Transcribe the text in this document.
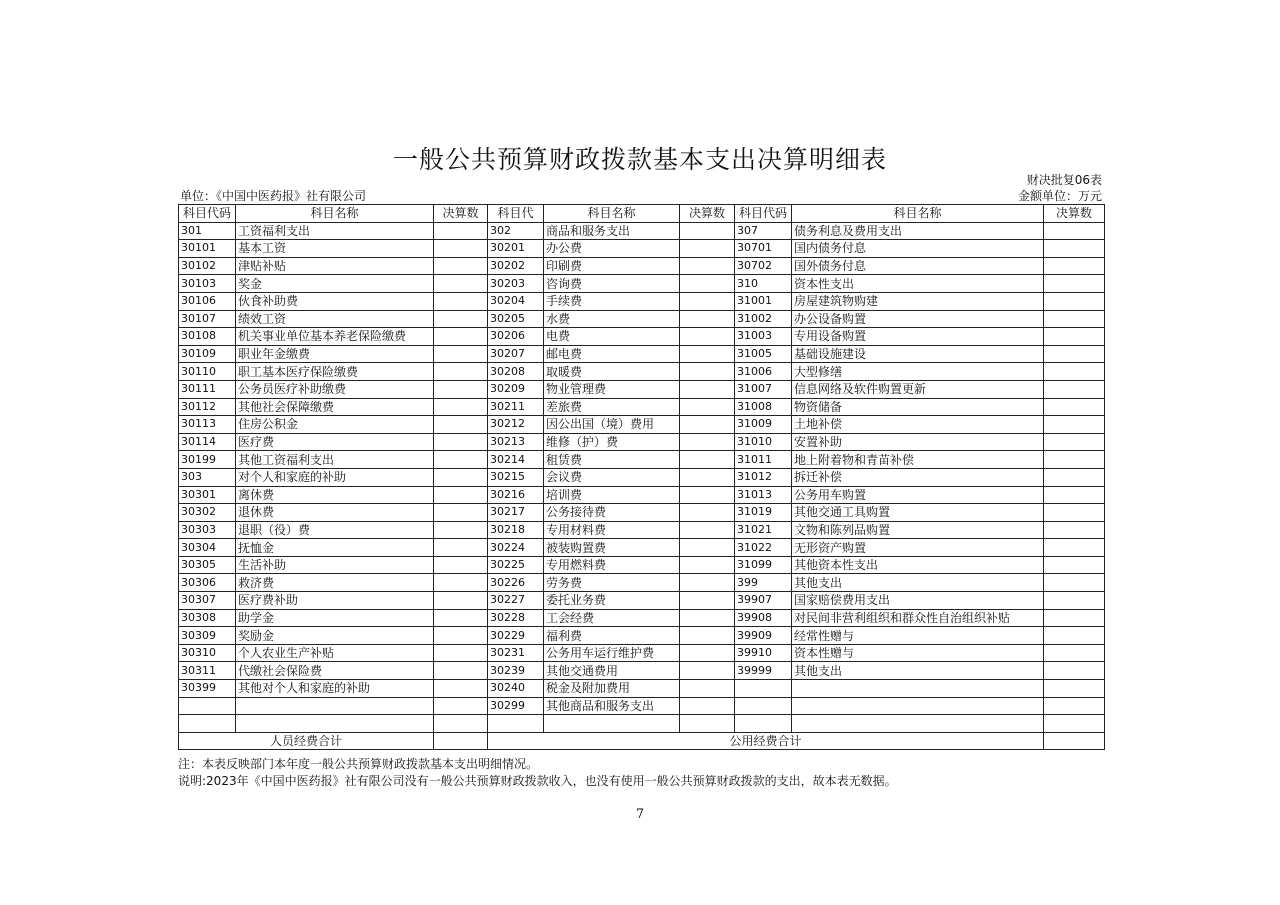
一般公共预算财政拨款基本支出决算明细表
财决批复06表
单位：《中国中医药报》社有限公司	金额单位：万元
科目代码	科目名称	决算数	科目代	科目名称	决算数	科目代码	科目名称	决算数
301	工资福利支出		302	商品和服务支出		307	债务利息及费用支出	
30101	基本工资		30201	办公费		30701	国内债务付息	
30102	津贴补贴		30202	印刷费		30702	国外债务付息	
30103	奖金		30203	咨询费		310	资本性支出	
30106	伙食补助费		30204	手续费		31001	房屋建筑物购建	
30107	绩效工资		30205	水费		31002	办公设备购置	
30108	机关事业单位基本养老保险缴费		30206	电费		31003	专用设备购置	
30109	职业年金缴费		30207	邮电费		31005	基础设施建设	
30110	职工基本医疗保险缴费		30208	取暖费		31006	大型修缮	
30111	公务员医疗补助缴费		30209	物业管理费		31007	信息网络及软件购置更新	
30112	其他社会保障缴费		30211	差旅费		31008	物资储备	
30113	住房公积金		30212	因公出国（境）费用		31009	土地补偿	
30114	医疗费		30213	维修（护）费		31010	安置补助	
30199	其他工资福利支出		30214	租赁费		31011	地上附着物和青苗补偿	
303	对个人和家庭的补助		30215	会议费		31012	拆迁补偿	
30301	离休费		30216	培训费		31013	公务用车购置	
30302	退休费		30217	公务接待费		31019	其他交通工具购置	
30303	退职（役）费		30218	专用材料费		31021	文物和陈列品购置	
30304	抚恤金		30224	被装购置费		31022	无形资产购置	
30305	生活补助		30225	专用燃料费		31099	其他资本性支出	
30306	救济费		30226	劳务费		399	其他支出	
30307	医疗费补助		30227	委托业务费		39907	国家赔偿费用支出	
30308	助学金		30228	工会经费		39908	对民间非营利组织和群众性自治组织补贴	
30309	奖励金		30229	福利费		39909	经常性赠与	
30310	个人农业生产补贴		30231	公务用车运行维护费		39910	资本性赠与	
30311	代缴社会保险费		30239	其他交通费用		39999	其他支出	
30399	其他对个人和家庭的补助		30240	税金及附加费用				
			30299	其他商品和服务支出				

人员经费合计			公用经费合计					
注：本表反映部门本年度一般公共预算财政拨款基本支出明细情况。
说明:2023年《中国中医药报》社有限公司没有一般公共预算财政拨款收入，也没有使用一般公共预算财政拨款的支出，故本表无数据。
7
